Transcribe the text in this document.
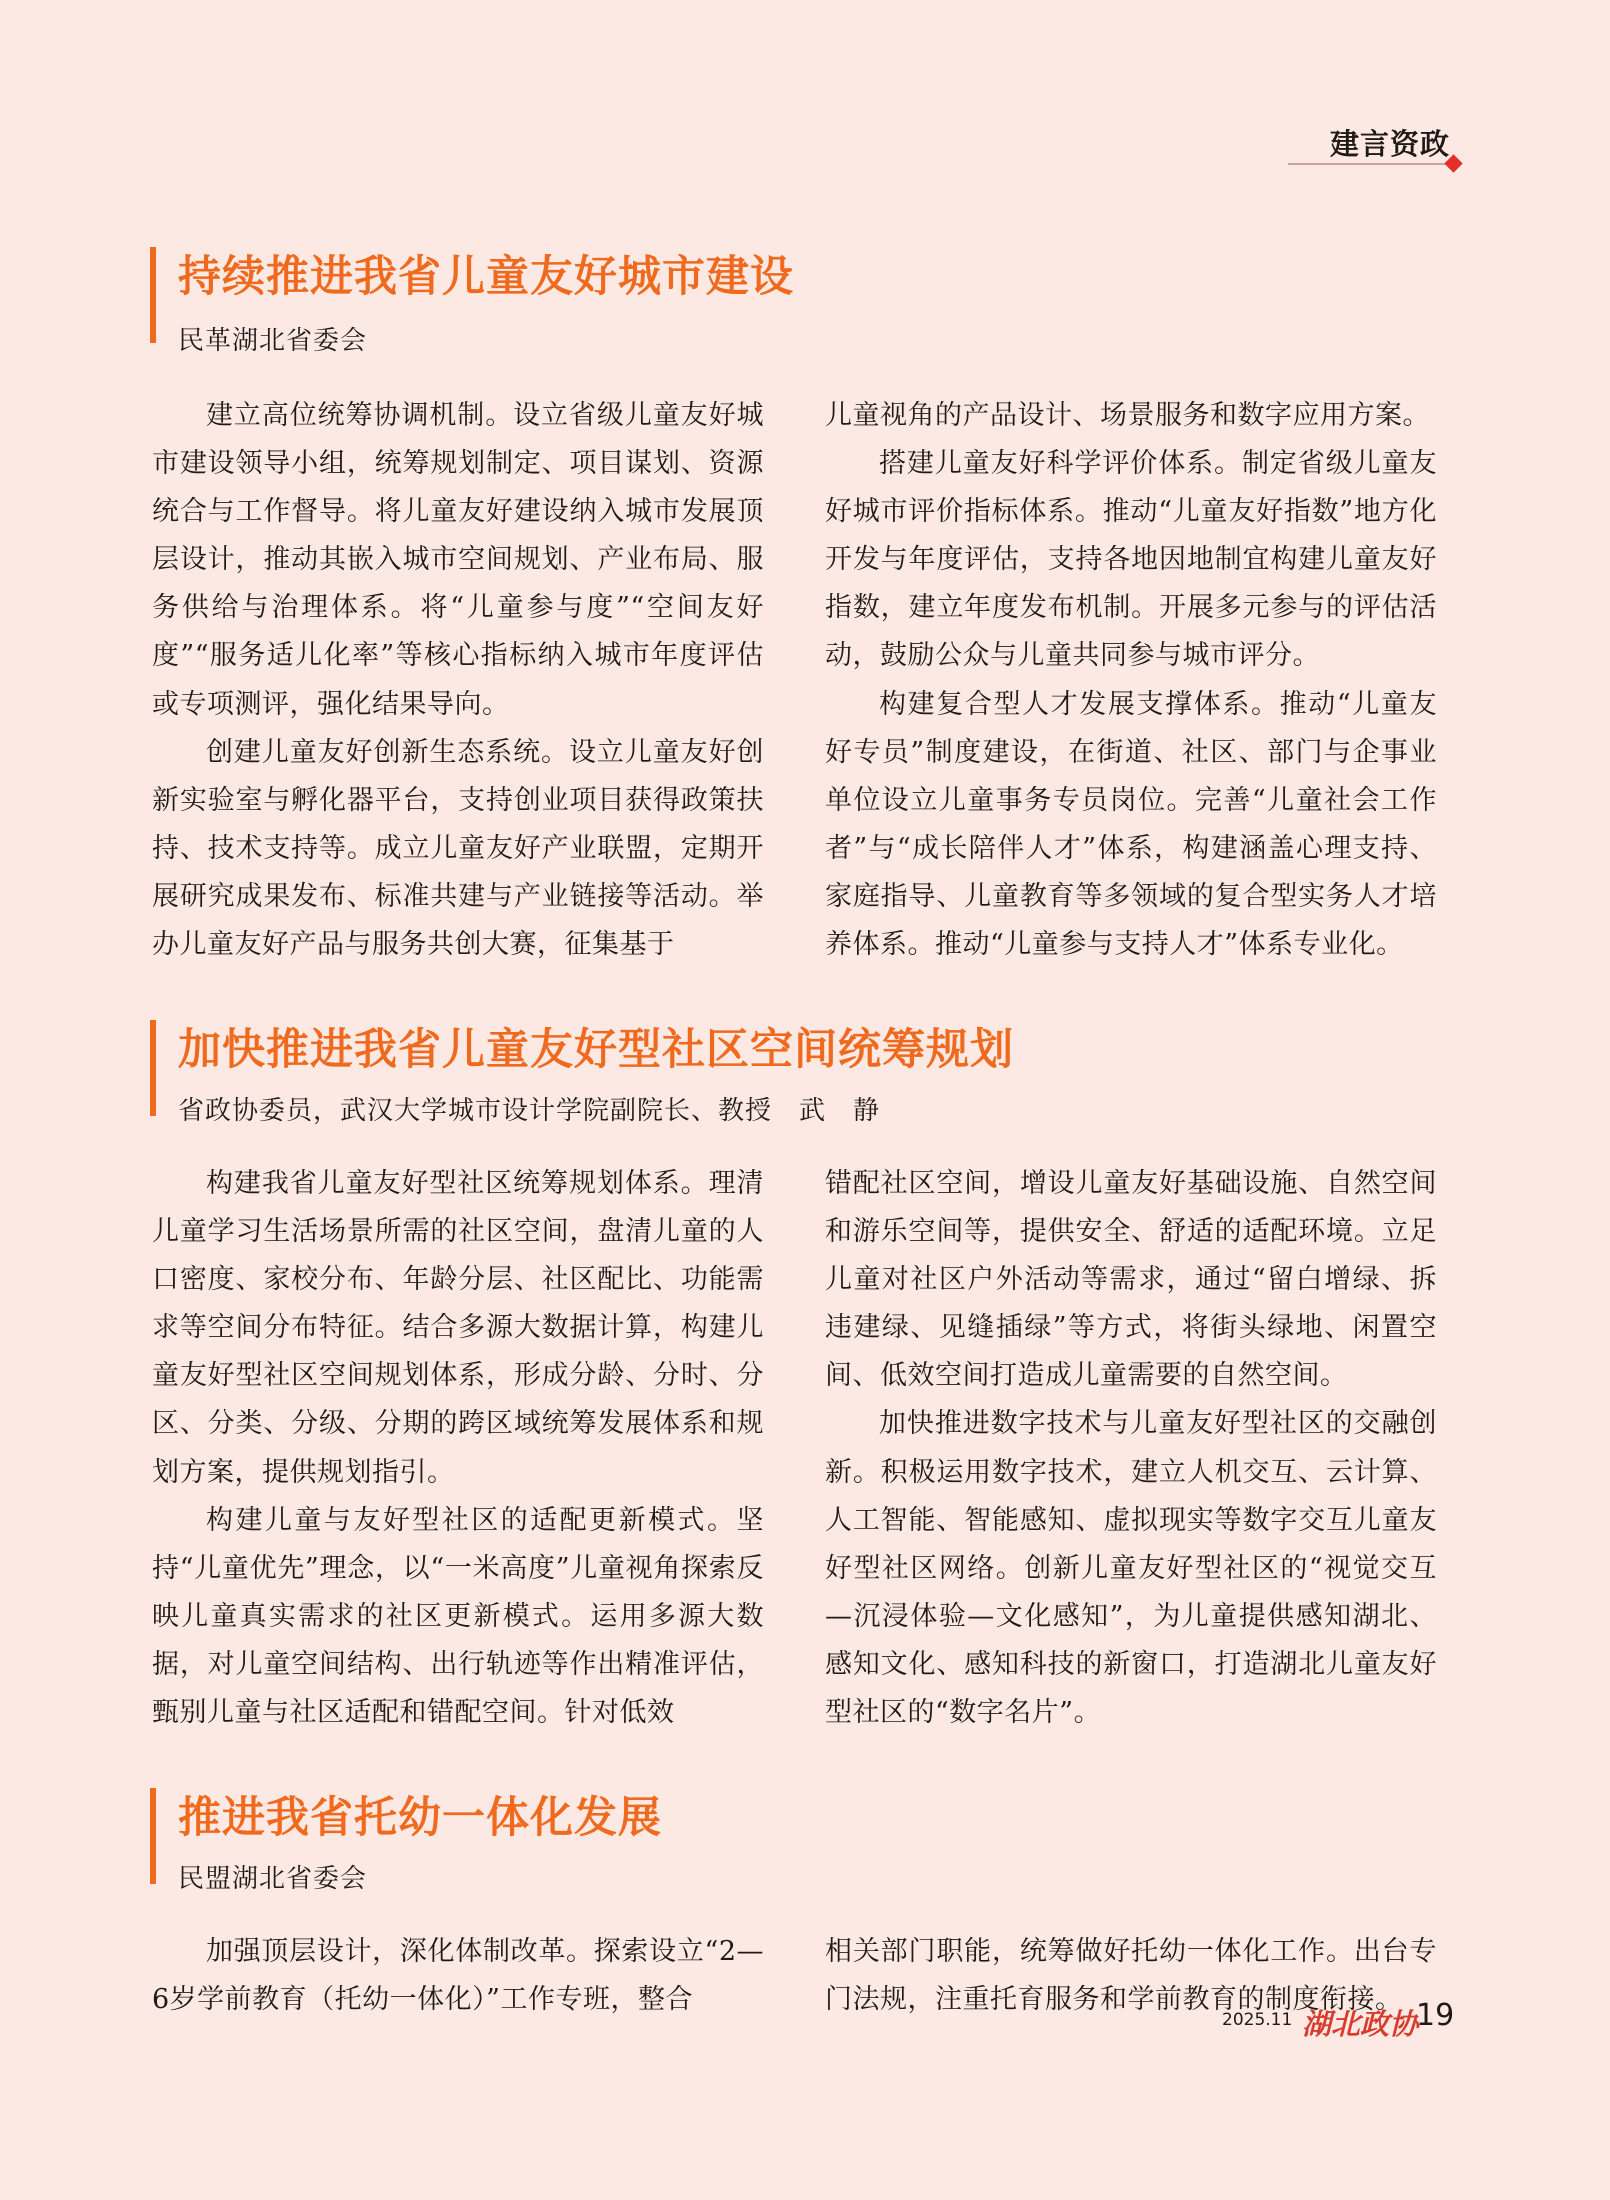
建言资政
持续推进我省儿童友好城市建设
民革湖北省委会

建立高位统筹协调机制。设立省级儿童友好城市建设领导小组，统筹规划制定、项目谋划、资源统合与工作督导。将儿童友好建设纳入城市发展顶层设计，推动其嵌入城市空间规划、产业布局、服务供给与治理体系。将“儿童参与度”“空间友好度”“服务适儿化率”等核心指标纳入城市年度评估或专项测评，强化结果导向。

创建儿童友好创新生态系统。设立儿童友好创新实验室与孵化器平台，支持创业项目获得政策扶持、技术支持等。成立儿童友好产业联盟，定期开展研究成果发布、标准共建与产业链接等活动。举办儿童友好产品与服务共创大赛，征集基于

儿童视角的产品设计、场景服务和数字应用方案。

搭建儿童友好科学评价体系。制定省级儿童友好城市评价指标体系。推动“儿童友好指数”地方化开发与年度评估，支持各地因地制宜构建儿童友好指数，建立年度发布机制。开展多元参与的评估活动，鼓励公众与儿童共同参与城市评分。

构建复合型人才发展支撑体系。推动“儿童友好专员”制度建设，在街道、社区、部门与企事业单位设立儿童事务专员岗位。完善“儿童社会工作者”与“成长陪伴人才”体系，构建涵盖心理支持、家庭指导、儿童教育等多领域的复合型实务人才培养体系。推动“儿童参与支持人才”体系专业化。

加快推进我省儿童友好型社区空间统筹规划
省政协委员，武汉大学城市设计学院副院长、教授　武　静

构建我省儿童友好型社区统筹规划体系。理清儿童学习生活场景所需的社区空间，盘清儿童的人口密度、家校分布、年龄分层、社区配比、功能需求等空间分布特征。结合多源大数据计算，构建儿童友好型社区空间规划体系，形成分龄、分时、分区、分类、分级、分期的跨区域统筹发展体系和规划方案，提供规划指引。

构建儿童与友好型社区的适配更新模式。坚持“儿童优先”理念，以“一米高度”儿童视角探索反映儿童真实需求的社区更新模式。运用多源大数据，对儿童空间结构、出行轨迹等作出精准评估，甄别儿童与社区适配和错配空间。针对低效

错配社区空间，增设儿童友好基础设施、自然空间和游乐空间等，提供安全、舒适的适配环境。立足儿童对社区户外活动等需求，通过“留白增绿、拆违建绿、见缝插绿”等方式，将街头绿地、闲置空间、低效空间打造成儿童需要的自然空间。

加快推进数字技术与儿童友好型社区的交融创新。积极运用数字技术，建立人机交互、云计算、人工智能、智能感知、虚拟现实等数字交互儿童友好型社区网络。创新儿童友好型社区的“视觉交互—沉浸体验—文化感知”，为儿童提供感知湖北、感知文化、感知科技的新窗口，打造湖北儿童友好型社区的“数字名片”。

推进我省托幼一体化发展
民盟湖北省委会

加强顶层设计，深化体制改革。探索设立“2—6岁学前教育（托幼一体化）”工作专班，整合

相关部门职能，统筹做好托幼一体化工作。出台专门法规，注重托育服务和学前教育的制度衔接。

2025.11 湖北政协
19
